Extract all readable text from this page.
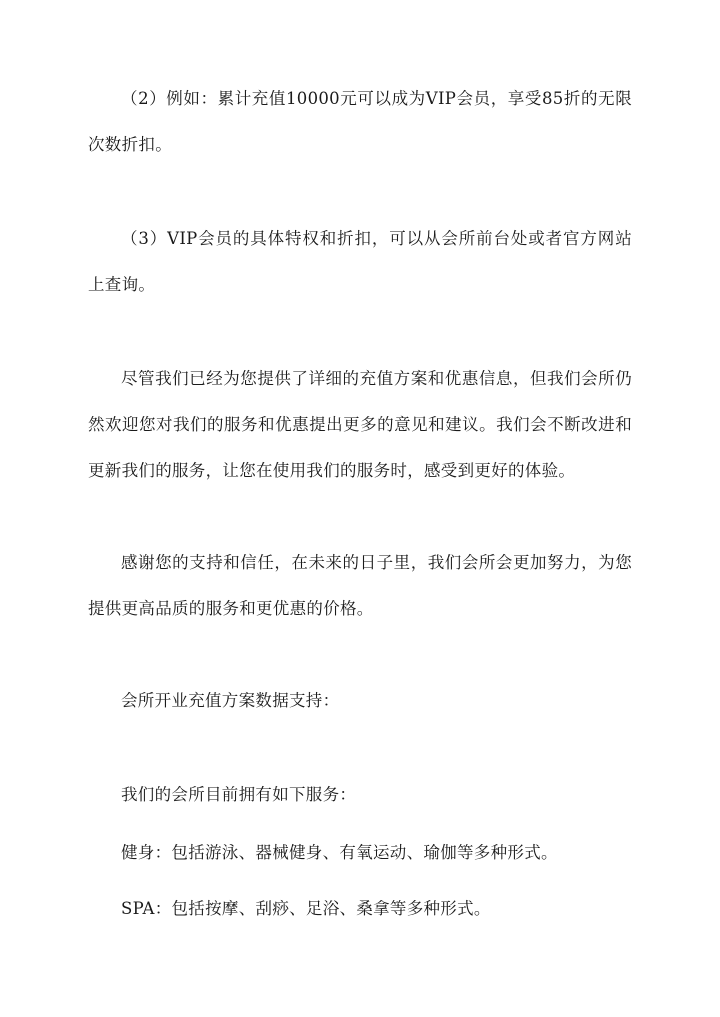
（2）例如：累计充值10000元可以成为VIP会员，享受85折的无限次数折扣。

（3）VIP会员的具体特权和折扣，可以从会所前台处或者官方网站上查询。

尽管我们已经为您提供了详细的充值方案和优惠信息，但我们会所仍然欢迎您对我们的服务和优惠提出更多的意见和建议。我们会不断改进和更新我们的服务，让您在使用我们的服务时，感受到更好的体验。

感谢您的支持和信任，在未来的日子里，我们会所会更加努力，为您提供更高品质的服务和更优惠的价格。

会所开业充值方案数据支持：

我们的会所目前拥有如下服务：

健身：包括游泳、器械健身、有氧运动、瑜伽等多种形式。

SPA：包括按摩、刮痧、足浴、桑拿等多种形式。
